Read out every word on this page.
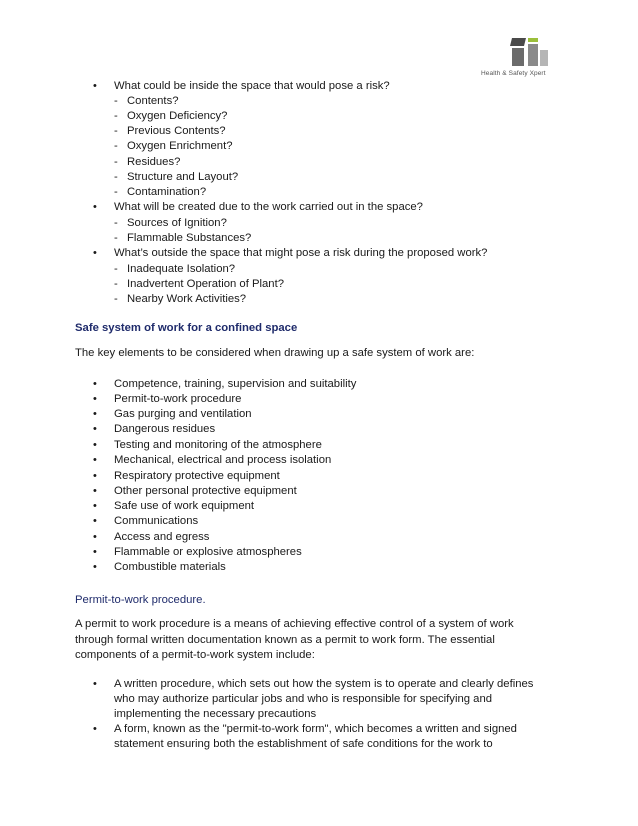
Health & Safety Xpert
• What could be inside the space that would pose a risk?
- Contents?
- Oxygen Deficiency?
- Previous Contents?
- Oxygen Enrichment?
- Residues?
- Structure and Layout?
- Contamination?
• What will be created due to the work carried out in the space?
- Sources of Ignition?
- Flammable Substances?
• What’s outside the space that might pose a risk during the proposed work?
- Inadequate Isolation?
- Inadvertent Operation of Plant?
- Nearby Work Activities?
Safe system of work for a confined space
The key elements to be considered when drawing up a safe system of work are:
• Competence, training, supervision and suitability
• Permit-to-work procedure
• Gas purging and ventilation
• Dangerous residues
• Testing and monitoring of the atmosphere
• Mechanical, electrical and process isolation
• Respiratory protective equipment
• Other personal protective equipment
• Safe use of work equipment
• Communications
• Access and egress
• Flammable or explosive atmospheres
• Combustible materials
Permit-to-work procedure.
A permit to work procedure is a means of achieving effective control of a system of work
through formal written documentation known as a permit to work form. The essential
components of a permit-to-work system include:
• A written procedure, which sets out how the system is to operate and clearly defines
who may authorize particular jobs and who is responsible for specifying and
implementing the necessary precautions
• A form, known as the "permit-to-work form", which becomes a written and signed
statement ensuring both the establishment of safe conditions for the work to
